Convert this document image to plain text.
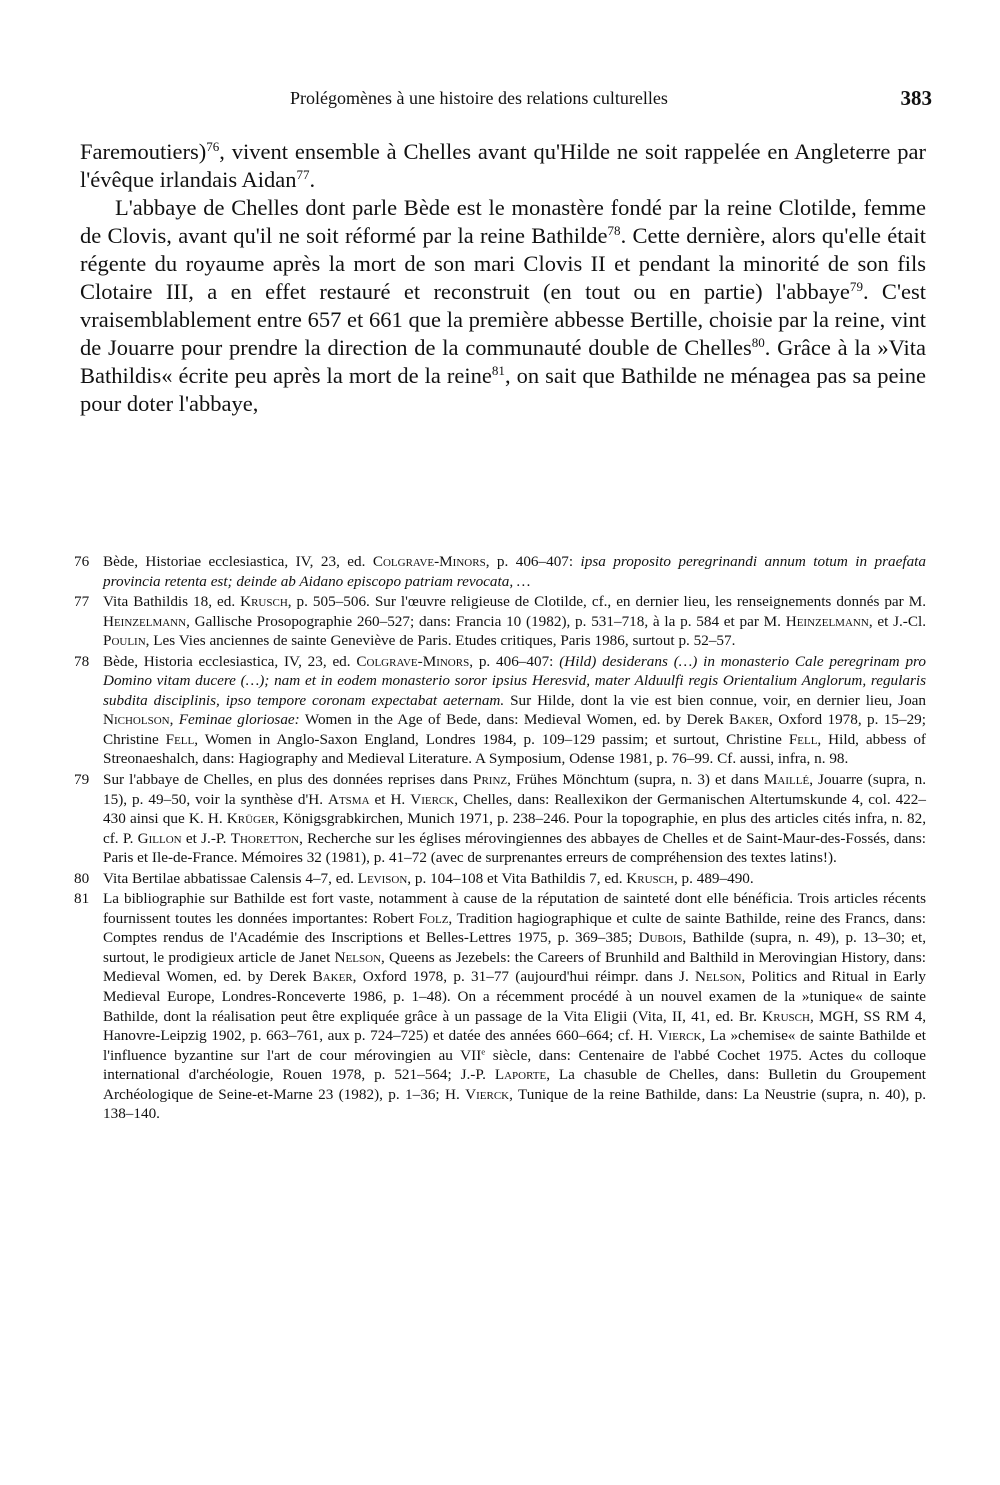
Prolégomènes à une histoire des relations culturelles	383

Faremoutiers)$^{76}$, vivent ensemble à Chelles avant qu'Hilde ne soit rappelée en Angleterre par l'évêque irlandais Aidan$^{77}$.

L'abbaye de Chelles dont parle Bède est le monastère fondé par la reine Clotilde, femme de Clovis, avant qu'il ne soit réformé par la reine Bathilde$^{78}$. Cette dernière, alors qu'elle était régente du royaume après la mort de son mari Clovis II et pendant la minorité de son fils Clotaire III, a en effet restauré et reconstruit (en tout ou en partie) l'abbaye$^{79}$. C'est vraisemblablement entre 657 et 661 que la première abbesse Bertille, choisie par la reine, vint de Jouarre pour prendre la direction de la communauté double de Chelles$^{80}$. Grâce à la »Vita Bathildis« écrite peu après la mort de la reine$^{81}$, on sait que Bathilde ne ménagea pas sa peine pour doter l'abbaye,

76 Bède, Historiae ecclesiastica, IV, 23, ed. Colgrave-Minors, p. 406–407: ipsa proposito peregrinandi annum totum in praefata provincia retenta est; deinde ab Aidano episcopo patriam revocata, …

77 Vita Bathildis 18, ed. Krusch, p. 505–506. Sur l'œuvre religieuse de Clotilde, cf., en dernier lieu, les renseignements donnés par M. Heinzelmann, Gallische Prosopographie 260–527; dans: Francia 10 (1982), p. 531–718, à la p. 584 et par M. Heinzelmann, et J.-Cl. Poulin, Les Vies anciennes de sainte Geneviève de Paris. Etudes critiques, Paris 1986, surtout p. 52–57.

78 Bède, Historia ecclesiastica, IV, 23, ed. Colgrave-Minors, p. 406–407: (Hild) desiderans (…) in monasterio Cale peregrinam pro Domino vitam ducere (…); nam et in eodem monasterio soror ipsius Heresvid, mater Alduulfi regis Orientalium Anglorum, regularis subdita disciplinis, ipso tempore coronam expectabat aeternam. Sur Hilde, dont la vie est bien connue, voir, en dernier lieu, Joan Nicholson, Feminae gloriosae: Women in the Age of Bede, dans: Medieval Women, ed. by Derek Baker, Oxford 1978, p. 15–29; Christine Fell, Women in Anglo-Saxon England, Londres 1984, p. 109–129 passim; et surtout, Christine Fell, Hild, abbess of Streonaeshalch, dans: Hagiography and Medieval Literature. A Symposium, Odense 1981, p. 76–99. Cf. aussi, infra, n. 98.

79 Sur l'abbaye de Chelles, en plus des données reprises dans Prinz, Frühes Mönchtum (supra, n. 3) et dans Maillé, Jouarre (supra, n. 15), p. 49–50, voir la synthèse d'H. Atsma et H. Vierck, Chelles, dans: Reallexikon der Germanischen Altertumskunde 4, col. 422–430 ainsi que K. H. Krüger, Königsgrabkirchen, Munich 1971, p. 238–246. Pour la topographie, en plus des articles cités infra, n. 82, cf. P. Gillon et J.-P. Thoretton, Recherche sur les églises mérovingiennes des abbayes de Chelles et de Saint-Maur-des-Fossés, dans: Paris et Ile-de-France. Mémoires 32 (1981), p. 41–72 (avec de surprenantes erreurs de compréhension des textes latins!).

80 Vita Bertilae abbatissae Calensis 4–7, ed. Levison, p. 104–108 et Vita Bathildis 7, ed. Krusch, p. 489–490.

81 La bibliographie sur Bathilde est fort vaste, notamment à cause de la réputation de sainteté dont elle bénéficia. Trois articles récents fournissent toutes les données importantes: Robert Folz, Tradition hagiographique et culte de sainte Bathilde, reine des Francs, dans: Comptes rendus de l'Académie des Inscriptions et Belles-Lettres 1975, p. 369–385; Dubois, Bathilde (supra, n. 49), p. 13–30; et, surtout, le prodigieux article de Janet Nelson, Queens as Jezebels: the Careers of Brunhild and Balthild in Merovingian History, dans: Medieval Women, ed. by Derek Baker, Oxford 1978, p. 31–77 (aujourd'hui réimpr. dans J. Nelson, Politics and Ritual in Early Medieval Europe, Londres-Ronceverte 1986, p. 1–48). On a récemment procédé à un nouvel examen de la »tunique« de sainte Bathilde, dont la réalisation peut être expliquée grâce à un passage de la Vita Eligii (Vita, II, 41, ed. Br. Krusch, MGH, SS RM 4, Hanovre-Leipzig 1902, p. 663–761, aux p. 724–725) et datée des années 660–664; cf. H. Vierck, La »chemise« de sainte Bathilde et l'influence byzantine sur l'art de cour mérovingien au VIIe siècle, dans: Centenaire de l'abbé Cochet 1975. Actes du colloque international d'archéologie, Rouen 1978, p. 521–564; J.-P. Laporte, La chasuble de Chelles, dans: Bulletin du Groupement Archéologique de Seine-et-Marne 23 (1982), p. 1–36; H. Vierck, Tunique de la reine Bathilde, dans: La Neustrie (supra, n. 40), p. 138–140.
